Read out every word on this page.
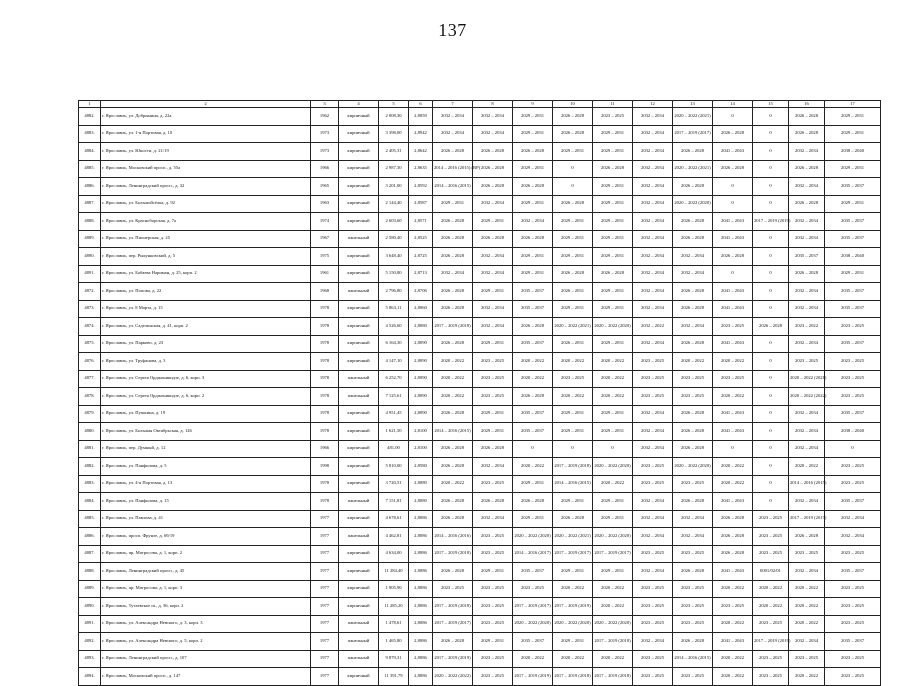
137
1	2	3	4	5	6	7	8	9	10	11	12	13	14	15	16	17
4882.	г. Ярославль, ул. Добрынина, д. 22а	1962	кирпичный	2 008,30	2,8059	2032 – 2034	2032 – 2034	2029 – 2031	2026 – 2028	2023 – 2025	2032 – 2034	2020 – 2022 (2021)	0	0	2026 – 2028	2029 – 2031
4883.	г. Ярославль, ул. 1-я Портовая, д. 10	1973	кирпичный	3 398,00	2,8942	2032 – 2034	2032 – 2034	2029 – 2031	2026 – 2028	2029 – 2031	2032 – 2034	2017 – 2019 (2017)	2026 – 2028	0	2026 – 2028	2029 – 2031
4884.	г. Ярославль, ул. Юности, д. 21/19	1973	кирпичный	2 405,31	2,8642	2026 – 2028	2026 – 2028	2026 – 2028	2029 – 2031	2029 – 2031	2032 – 2034	2026 – 2028	2041 – 2043	0	2032 – 2034	2038 – 2040
4885.	г. Ярославль, Московский просп., д. 55а	1966	кирпичный	2 987,30	2,8635	2014 – 2016 (2015) (ВР)	2026 – 2028	2029 – 2031	0	2026 – 2028	2032 – 2034	2020 – 2022 (2021)	2026 – 2028	0	2026 – 2028	2029 – 2031
4886.	г. Ярославль, Ленинградский просп., д. 32	1965	кирпичный	3 201,00	2,8592	2014 – 2016 (2015)	2026 – 2028	2026 – 2028	0	2029 – 2031	2032 – 2034	2026 – 2028	0	0	2032 – 2034	2035 – 2037
4887.	г. Ярославль, ул. Большойсёлка, д. 92	1963	кирпичный	2 144,40	2,8587	2029 – 2031	2032 – 2034	2029 – 2031	2026 – 2028	2029 – 2031	2032 – 2034	2020 – 2022 (2020)	0	0	2026 – 2028	2029 – 2031
4888.	г. Ярославль, ул. Красноборская, д. 7а	1974	кирпичный	2 603,60	2,8571	2026 – 2028	2029 – 2031	2032 – 2034	2029 – 2031	2029 – 2031	2032 – 2034	2026 – 2028	2041 – 2043	2017 – 2019 (2019)	2032 – 2034	2035 – 2037
4889.	г. Ярославль, ул. Пионерская, д. 25	1967	панельный	2 580,40	2,8525	2026 – 2028	2026 – 2028	2026 – 2028	2029 – 2031	2029 – 2031	2032 – 2034	2026 – 2028	2041 – 2043	0	2032 – 2034	2035 – 2037
4890.	г. Ярославль, пер. Рыкунковский, д. 5	1975	кирпичный	3 648,40	2,8725	2026 – 2028	2032 – 2034	2029 – 2031	2029 – 2031	2029 – 2031	2032 – 2034	2032 – 2034	2026 – 2028	0	2035 – 2037	2038 – 2040
4891.	г. Ярославль, ул. Бабаева Нариман, д. 25, корп. 2	1961	кирпичный	5 150,80	2,8713	2032 – 2034	2032 – 2034	2029 – 2031	2026 – 2028	2026 – 2028	2032 – 2034	2032 – 2034	0	0	2026 – 2028	2029 – 2031
4872.	г. Ярославль, ул. Попова, д. 22	1968	панельный	2 796,80	2,8706	2026 – 2028	2029 – 2031	2035 – 2037	2026 – 2031	2029 – 2031	2032 – 2034	2026 – 2028	2041 – 2043	0	2032 – 2034	2035 – 2037
4873.	г. Ярославль, ул. 8 Марта, д. 15	1978	кирпичный	5 863,11	2,8060	2026 – 2028	2032 – 2034	2035 – 2037	2029 – 2031	2029 – 2031	2032 – 2034	2026 – 2028	2041 – 2043	0	2032 – 2034	2035 – 2037
4874.	г. Ярославль, ул. Саделинская, д. 41, корп. 2	1978	кирпичный	4 526,60	2,8080	2017 – 2019 (2018)	2032 – 2034	2026 – 2028	2020 – 2022 (2021)	2020 – 2022 (2020)	2032 – 2022	2032 – 2034	2023 – 2025	2026 – 2028	2023 – 2022	2023 – 2025
4875.	г. Ярославль, ул. Парково, д. 23	1978	кирпичный	6 164,30	2,8090	2026 – 2028	2029 – 2031	2035 – 2037	2026 – 2031	2029 – 2031	2032 – 2034	2026 – 2028	2041 – 2043	0	2032 – 2034	2035 – 2037
4876.	г. Ярославль, ул. Труфанова, д. 3	1978	кирпичный	4 147,10	2,8090	2020 – 2022	2023 – 2025	2020 – 2022	2020 – 2022	2020 – 2022	2023 – 2025	2020 – 2022	2020 – 2022	0	2023 – 2025	2023 – 2025
4877.	г. Ярославль, ул. Сергея Орджоникидзе, д. 6, корп. 3	1978	панельный	6 252,70	2,8090	2020 – 2022	2023 – 2025	2020 – 2022	2023 – 2025	2020 – 2022	2023 – 2025	2023 – 2025	2023 – 2025	0	2020 – 2022 (2021)	2023 – 2025
4878.	г. Ярославль, ул. Сергея Орджоникидзе, д. 6, корп. 2	1978	панельный	7 125,61	2,8090	2020 – 2022	2023 – 2025	2026 – 2028	2020 – 2022	2020 – 2022	2023 – 2025	2023 – 2025	2020 – 2022	0	2020 – 2022 (2022)	2023 – 2025
4879.	г. Ярославль, ул. Пушкина, д. 19	1978	кирпичный	4 951,45	2,8090	2026 – 2028	2029 – 2031	2035 – 2037	2029 – 2031	2029 – 2031	2032 – 2034	2026 – 2028	2041 – 2043	0	2032 – 2034	2035 – 2037
4880.	г. Ярославль, ул. Большая Октябрьская, д. 126	1978	кирпичный	1 621,50	2,8100	2014 – 2016 (2015)	2029 – 2031	2035 – 2037	2029 – 2031	2029 – 2031	2032 – 2034	2026 – 2028	2041 – 2043	0	2032 – 2034	2038 – 2040
4881.	г. Ярославль, пер. Думный, д. 12	1966	кирпичный	481,00	2,8100	2026 – 2028	2026 – 2028	0	0	0	2032 – 2034	2026 – 2028	0	0	2032 – 2034	0
4882.	г. Ярославль, ул. Панфилова, д. 5	1998	кирпичный	5 810,00	2,8580	2026 – 2028	2032 – 2034	2020 – 2022	2017 – 2019 (2018)	2020 – 2022 (2020)	2023 – 2025	2020 – 2022 (2020)	2020 – 2022	0	2020 – 2022	2023 – 2025
4883.	г. Ярославль, ул. 4-я Портовая, д. 13	1978	кирпичный	3 720,51	2,8080	2020 – 2022	2023 – 2025	2029 – 2031	2014 – 2016 (2015)	2020 – 2022	2023 – 2025	2023 – 2025	2020 – 2022	0	2014 – 2016 (2015)	2023 – 2025
4884.	г. Ярославль, ул. Панфилова, д. 15	1978	панельный	7 151,81	2,8080	2026 – 2028	2026 – 2028	2026 – 2028	2029 – 2031	2029 – 2031	2032 – 2034	2026 – 2028	2041 – 2043	0	2032 – 2034	2035 – 2037
4885.	г. Ярославль, ул. Павлова, д. 41	1977	кирпичный	4 678,61	2,8086	2026 – 2028	2032 – 2034	2029 – 2031	2026 – 2028	2029 – 2031	2032 – 2034	2032 – 2034	2026 – 2028	2023 – 2025	2017 – 2019 (2017)	2032 – 2034
4886.	г. Ярославль, просп. Фрунзе, д. 69/19	1977	панельный	4 462,81	2,8086	2014 – 2016 (2016)	2023 – 2025	2020 – 2022 (2020)	2020 – 2022 (2021)	2020 – 2022 (2020)	2032 – 2034	2032 – 2034	2026 – 2028	2023 – 2025	2026 – 2028	2032 – 2034
4887.	г. Ярославль, пр. Матросова, д. 1, корп. 2	1977	кирпичный	4 634,00	2,8086	2017 – 2019 (2018)	2023 – 2025	2014 – 2016 (2017)	2017 – 2019 (2017)	2017 – 2019 (2017)	2023 – 2025	2023 – 2025	2026 – 2028	2023 – 2025	2023 – 2025	2023 – 2025
4888.	г. Ярославль, Ленинградский просп., д. 45	1977	кирпичный	11 284,40	2,8086	2026 – 2028	2029 – 2031	2035 – 2037	2029 – 2031	2029 – 2031	2032 – 2034	2026 – 2028	2041 – 2043	0001/02/01	2032 – 2034	2035 – 2037
4889.	г. Ярославль, пр. Матросова, д. 1, корп. 3	1977	кирпичный	1 905,90	2,8086	2023 – 2025	2023 – 2025	2023 – 2025	2020 – 2022	2020 – 2022	2023 – 2025	2023 – 2025	2020 – 2022	2020 – 2022	2020 – 2022	2023 – 2025
4890.	г. Ярославль, Тутаевское ш., д. 36, корп. 2	1977	кирпичный	11 285,20	2,8086	2017 – 2019 (2018)	2023 – 2025	2017 – 2019 (2017)	2017 – 2019 (2019)	2020 – 2022	2023 – 2025	2023 – 2025	2023 – 2025	2020 – 2022	2020 – 2022	2023 – 2025
4891.	г. Ярославль, ул. Александра Невского, д. 3, корп. 3	1977	панельный	1 478,61	2,8086	2017 – 2019 (2017)	2023 – 2025	2020 – 2022 (2020)	2020 – 2022 (2020)	2020 – 2022 (2020)	2023 – 2025	2023 – 2025	2020 – 2022	2023 – 2025	2020 – 2022	2023 – 2025
4892.	г. Ярославль, ул. Александра Невского, д. 5, корп. 2	1977	панельный	1 465,80	2,8086	2026 – 2028	2029 – 2031	2035 – 2037	2029 – 2031	2017 – 2019 (2018)	2032 – 2034	2026 – 2028	2041 – 2043	2017 – 2019 (2019)	2032 – 2034	2035 – 2037
4893.	г. Ярославль, Ленинградский просп., д. 107	1977	панельный	9 879,31	2,8086	2017 – 2019 (2019)	2023 – 2025	2020 – 2022	2020 – 2022	2020 – 2022	2023 – 2025	2014 – 2016 (2015)	2020 – 2022	2023 – 2025	2023 – 2025	2023 – 2025
4894.	г. Ярославль, Московский просп., д. 147	1977	кирпичный	11 391,79	2,8086	2020 – 2022 (2022)	2023 – 2025	2017 – 2019 (2019)	2017 – 2019 (2018)	2017 – 2019 (2018)	2023 – 2025	2023 – 2025	2020 – 2022	2023 – 2025	2020 – 2022	2023 – 2025
